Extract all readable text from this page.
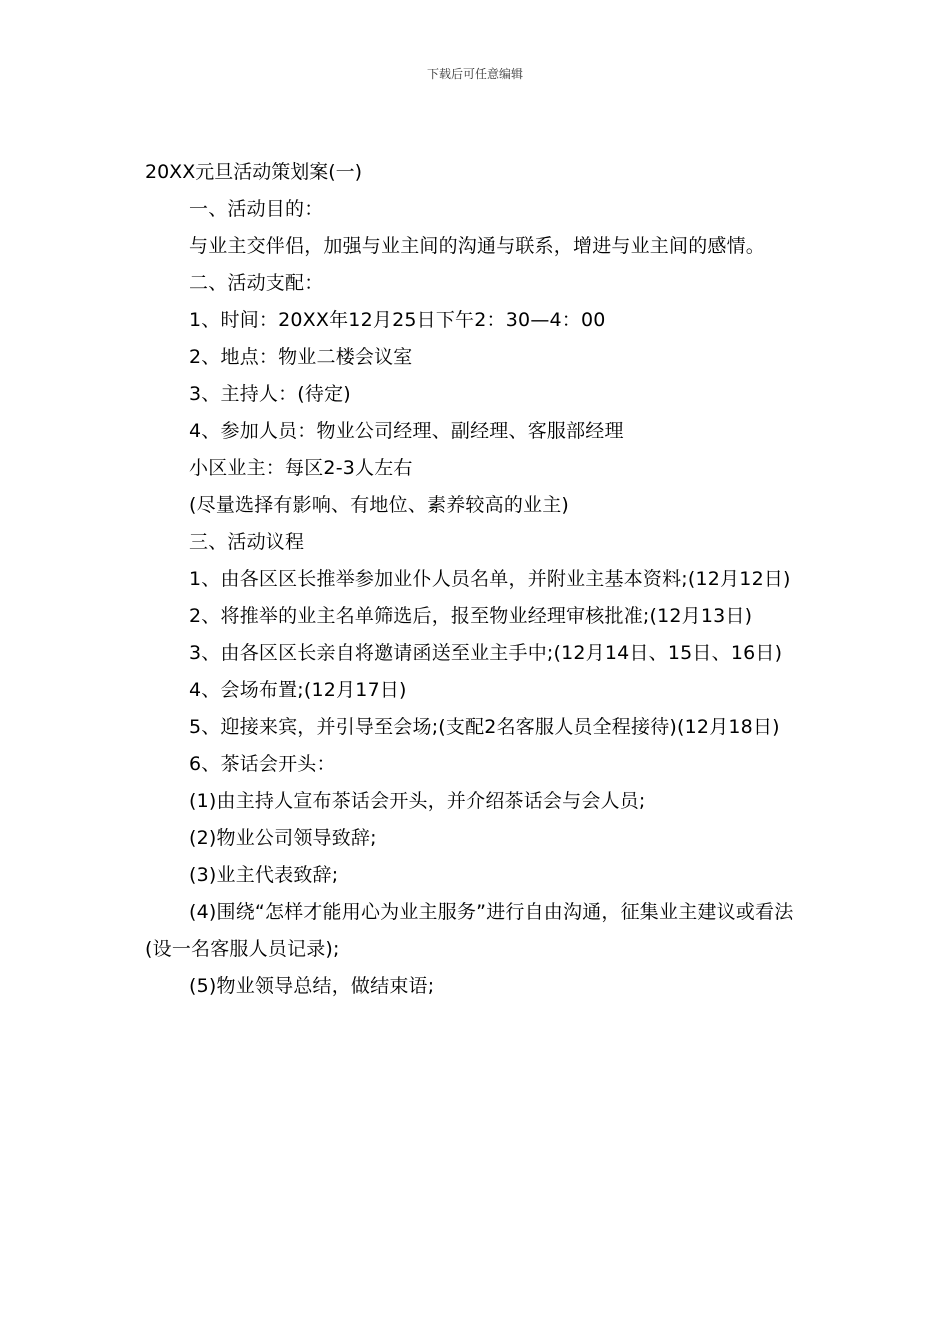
下载后可任意编辑
20XX元旦活动策划案(一)

一、活动目的：

与业主交伴侣，加强与业主间的沟通与联系，增进与业主间的感情。

二、活动支配：

1、时间：20XX年12月25日下午2：30—4：00

2、地点：物业二楼会议室

3、主持人：(待定)

4、参加人员：物业公司经理、副经理、客服部经理

小区业主：每区2-3人左右

(尽量选择有影响、有地位、素养较高的业主)

三、活动议程

1、由各区区长推举参加业仆人员名单，并附业主基本资料;(12月12日)

2、将推举的业主名单筛选后，报至物业经理审核批准;(12月13日)

3、由各区区长亲自将邀请函送至业主手中;(12月14日、15日、16日)

4、会场布置;(12月17日)

5、迎接来宾，并引导至会场;(支配2名客服人员全程接待)(12月18日)

6、茶话会开头：

(1)由主持人宣布茶话会开头，并介绍茶话会与会人员;

(2)物业公司领导致辞;

(3)业主代表致辞;

(4)围绕“怎样才能用心为业主服务”进行自由沟通，征集业主建议或看法(设一名客服人员记录);

(5)物业领导总结，做结束语;
